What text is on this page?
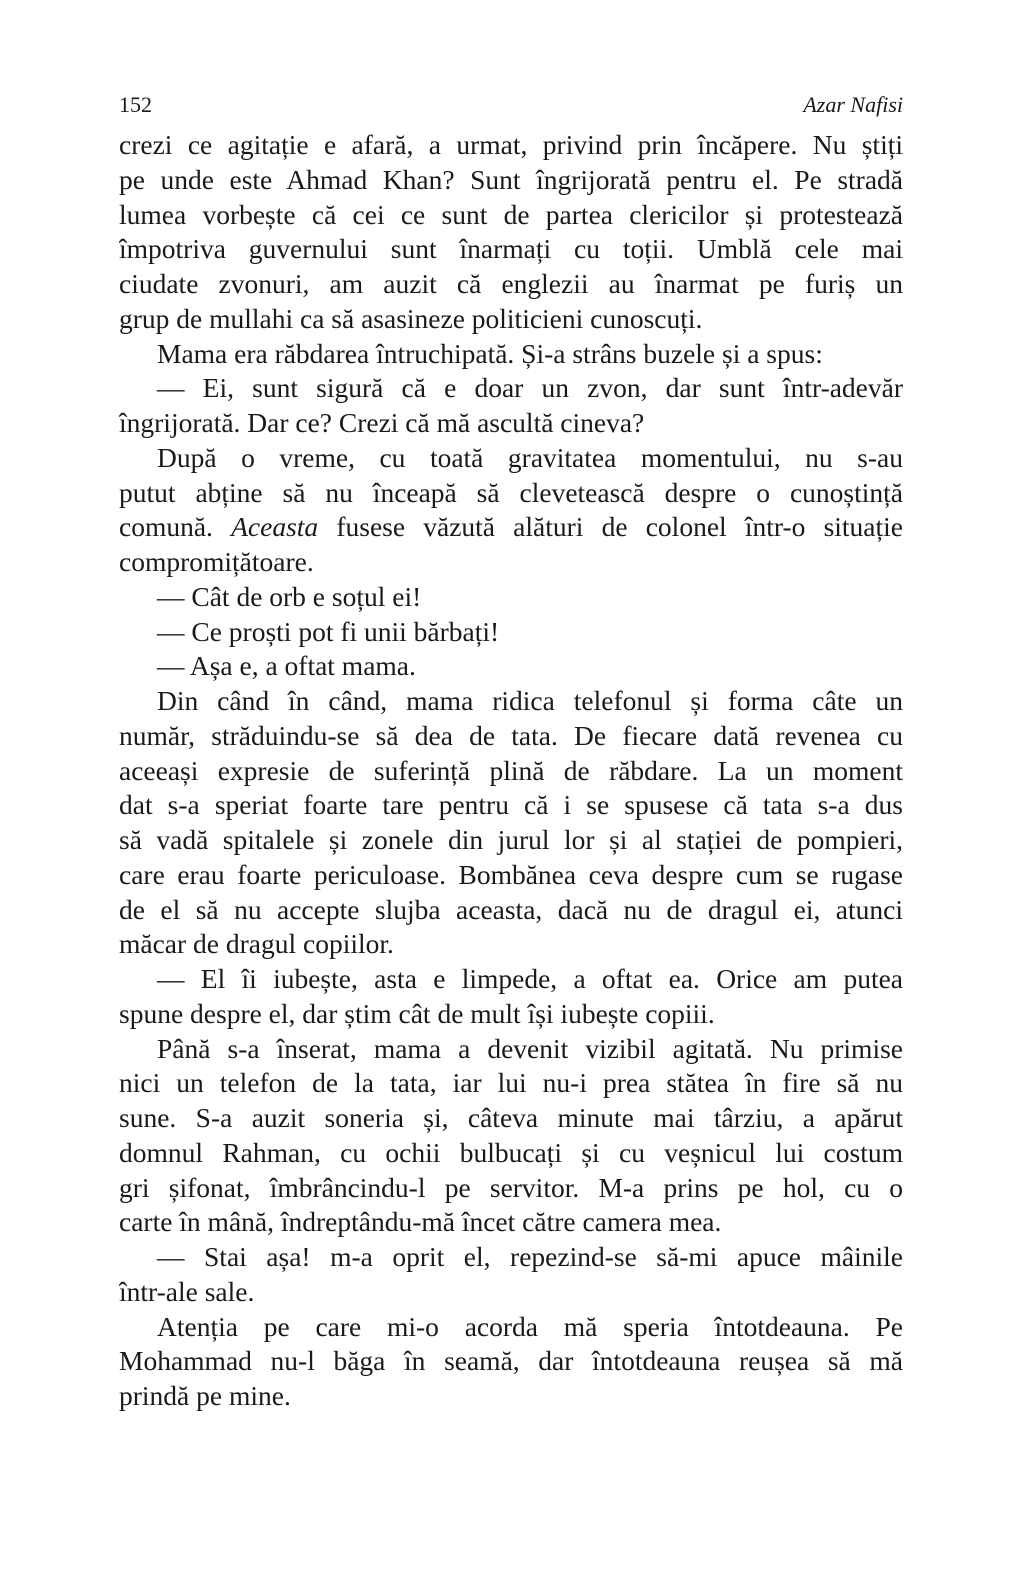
152	Azar Nafisi
crezi ce agitație e afară, a urmat, privind prin încăpere. Nu știți
pe unde este Ahmad Khan? Sunt îngrijorată pentru el. Pe stradă
lumea vorbește că cei ce sunt de partea clericilor și protestează
împotriva guvernului sunt înarmați cu toții. Umblă cele mai
ciudate zvonuri, am auzit că englezii au înarmat pe furiș un
grup de mullahi ca să asasineze politicieni cunoscuți.
Mama era răbdarea întruchipată. Și-a strâns buzele și a spus:
— Ei, sunt sigură că e doar un zvon, dar sunt într-adevăr
îngrijorată. Dar ce? Crezi că mă ascultă cineva?
După o vreme, cu toată gravitatea momentului, nu s-au
putut abține să nu înceapă să clevetească despre o cunoștință
comună. Aceasta fusese văzută alături de colonel într-o situație
compromițătoare.
— Cât de orb e soțul ei!
— Ce proști pot fi unii bărbați!
— Așa e, a oftat mama.
Din când în când, mama ridica telefonul și forma câte un
număr, străduindu-se să dea de tata. De fiecare dată revenea cu
aceeași expresie de suferință plină de răbdare. La un moment
dat s-a speriat foarte tare pentru că i se spusese că tata s-a dus
să vadă spitalele și zonele din jurul lor și al stației de pompieri,
care erau foarte periculoase. Bombănea ceva despre cum se rugase
de el să nu accepte slujba aceasta, dacă nu de dragul ei, atunci
măcar de dragul copiilor.
— El îi iubește, asta e limpede, a oftat ea. Orice am putea
spune despre el, dar știm cât de mult își iubește copiii.
Până s-a înserat, mama a devenit vizibil agitată. Nu primise
nici un telefon de la tata, iar lui nu-i prea stătea în fire să nu
sune. S-a auzit soneria și, câteva minute mai târziu, a apărut
domnul Rahman, cu ochii bulbucați și cu veșnicul lui costum
gri șifonat, îmbrâncindu-l pe servitor. M-a prins pe hol, cu o
carte în mână, îndreptându-mă încet către camera mea.
— Stai așa! m-a oprit el, repezind-se să-mi apuce mâinile
într-ale sale.
Atenția pe care mi-o acorda mă speria întotdeauna. Pe
Mohammad nu-l băga în seamă, dar întotdeauna reușea să mă
prindă pe mine.
